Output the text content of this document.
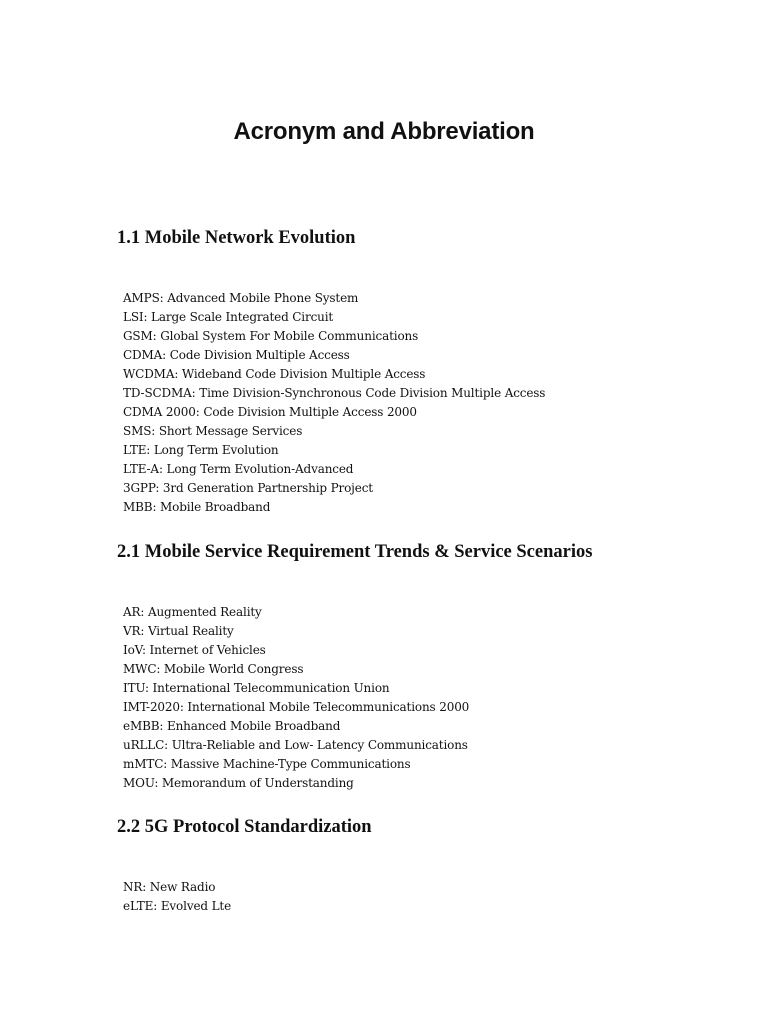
Acronym and Abbreviation
1.1 Mobile Network Evolution
AMPS: Advanced Mobile Phone System
LSI: Large Scale Integrated Circuit
GSM: Global System For Mobile Communications
CDMA: Code Division Multiple Access
WCDMA: Wideband Code Division Multiple Access
TD-SCDMA: Time Division-Synchronous Code Division Multiple Access
CDMA 2000: Code Division Multiple Access 2000
SMS: Short Message Services
LTE: Long Term Evolution
LTE-A: Long Term Evolution-Advanced
3GPP: 3rd Generation Partnership Project
MBB: Mobile Broadband
2.1 Mobile Service Requirement Trends & Service Scenarios
AR: Augmented Reality
VR: Virtual Reality
IoV: Internet of Vehicles
MWC: Mobile World Congress
ITU: International Telecommunication Union
IMT-2020: International Mobile Telecommunications 2000
eMBB: Enhanced Mobile Broadband
uRLLC: Ultra-Reliable and Low- Latency Communications
mMTC: Massive Machine-Type Communications
MOU: Memorandum of Understanding
2.2 5G Protocol Standardization
NR: New Radio
eLTE: Evolved Lte
